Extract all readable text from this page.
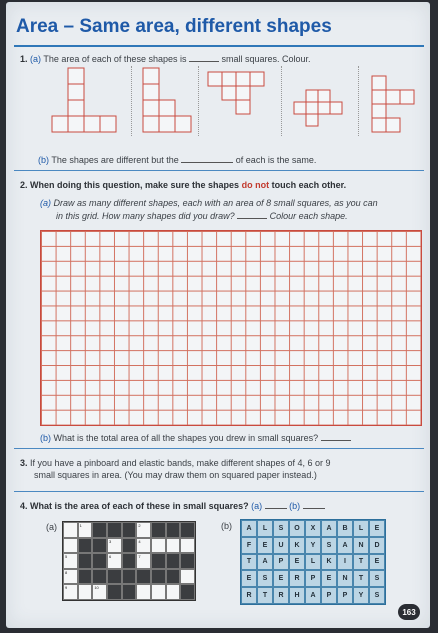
Area – Same area, different shapes
1. (a) The area of each of these shapes is	small squares. Colour.
(b) The shapes are different but the	of each is the same.
2. When doing this question, make sure the shapes do not touch each other.
(a) Draw as many different shapes, each with an area of 8 small squares, as you can
in this grid. How many shapes did you draw?	Colour each shape.
(b) What is the total area of all the shapes you drew in small squares?
3. If you have a pinboard and elastic bands, make different shapes of 4, 6 or 9
small squares in area. (You may draw them on squared paper instead.)
4. What is the area of each of these in small squares? (a)	(b)
(a)	1	2
3	4
5	6	7
8
9	10
(b)	A	L	S	O	X	A	B	L	E
F	E	U	K	Y	S	A	N	D
T	A	P	E	L	K	I	T	E
E	S	E	R	P	E	N	T	S
R	T	R	H	A	P	P	Y	S
163
